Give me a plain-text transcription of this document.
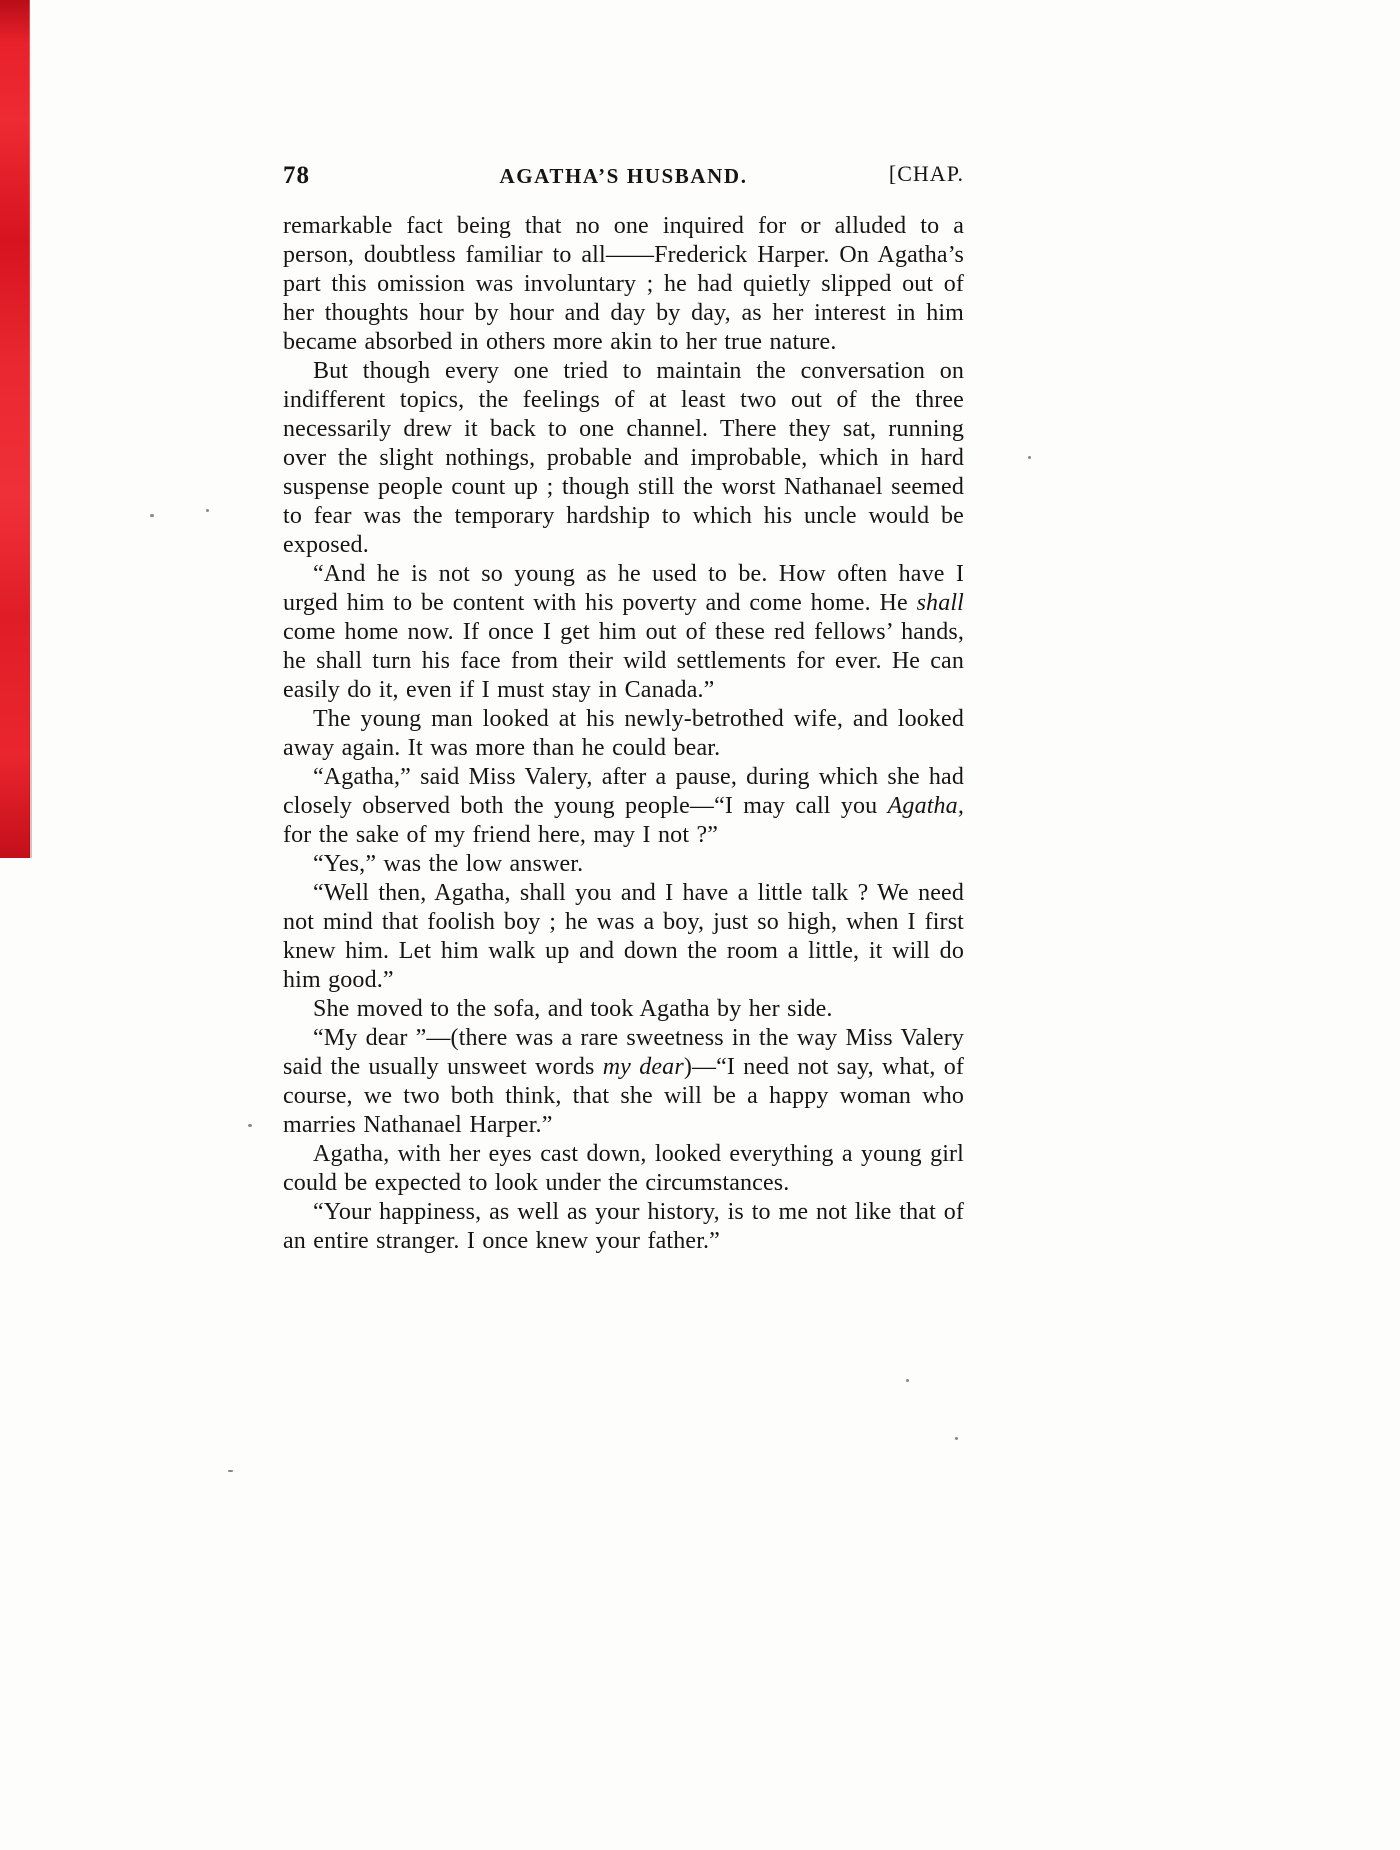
78	AGATHA’S HUSBAND.	[CHAP.

remarkable fact being that no one inquired for or alluded to a person, doubtless familiar to all——Frederick Harper. On Agatha’s part this omission was involuntary ; he had quietly slipped out of her thoughts hour by hour and day by day, as her interest in him became absorbed in others more akin to her true nature.

But though every one tried to maintain the conversation on indifferent topics, the feelings of at least two out of the three necessarily drew it back to one channel. There they sat, running over the slight nothings, probable and improbable, which in hard suspense people count up ; though still the worst Nathanael seemed to fear was the temporary hardship to which his uncle would be exposed.

“And he is not so young as he used to be. How often have I urged him to be content with his poverty and come home. He shall come home now. If once I get him out of these red fellows’ hands, he shall turn his face from their wild settlements for ever. He can easily do it, even if I must stay in Canada.”

The young man looked at his newly-betrothed wife, and looked away again. It was more than he could bear.

“Agatha,” said Miss Valery, after a pause, during which she had closely observed both the young people—“I may call you Agatha, for the sake of my friend here, may I not ?”

“Yes,” was the low answer.

“Well then, Agatha, shall you and I have a little talk ? We need not mind that foolish boy ; he was a boy, just so high, when I first knew him. Let him walk up and down the room a little, it will do him good.”

She moved to the sofa, and took Agatha by her side.

“My dear ”—(there was a rare sweetness in the way Miss Valery said the usually unsweet words my dear)—“I need not say, what, of course, we two both think, that she will be a happy woman who marries Nathanael Harper.”

Agatha, with her eyes cast down, looked everything a young girl could be expected to look under the circumstances.

“Your happiness, as well as your history, is to me not like that of an entire stranger. I once knew your father.”
